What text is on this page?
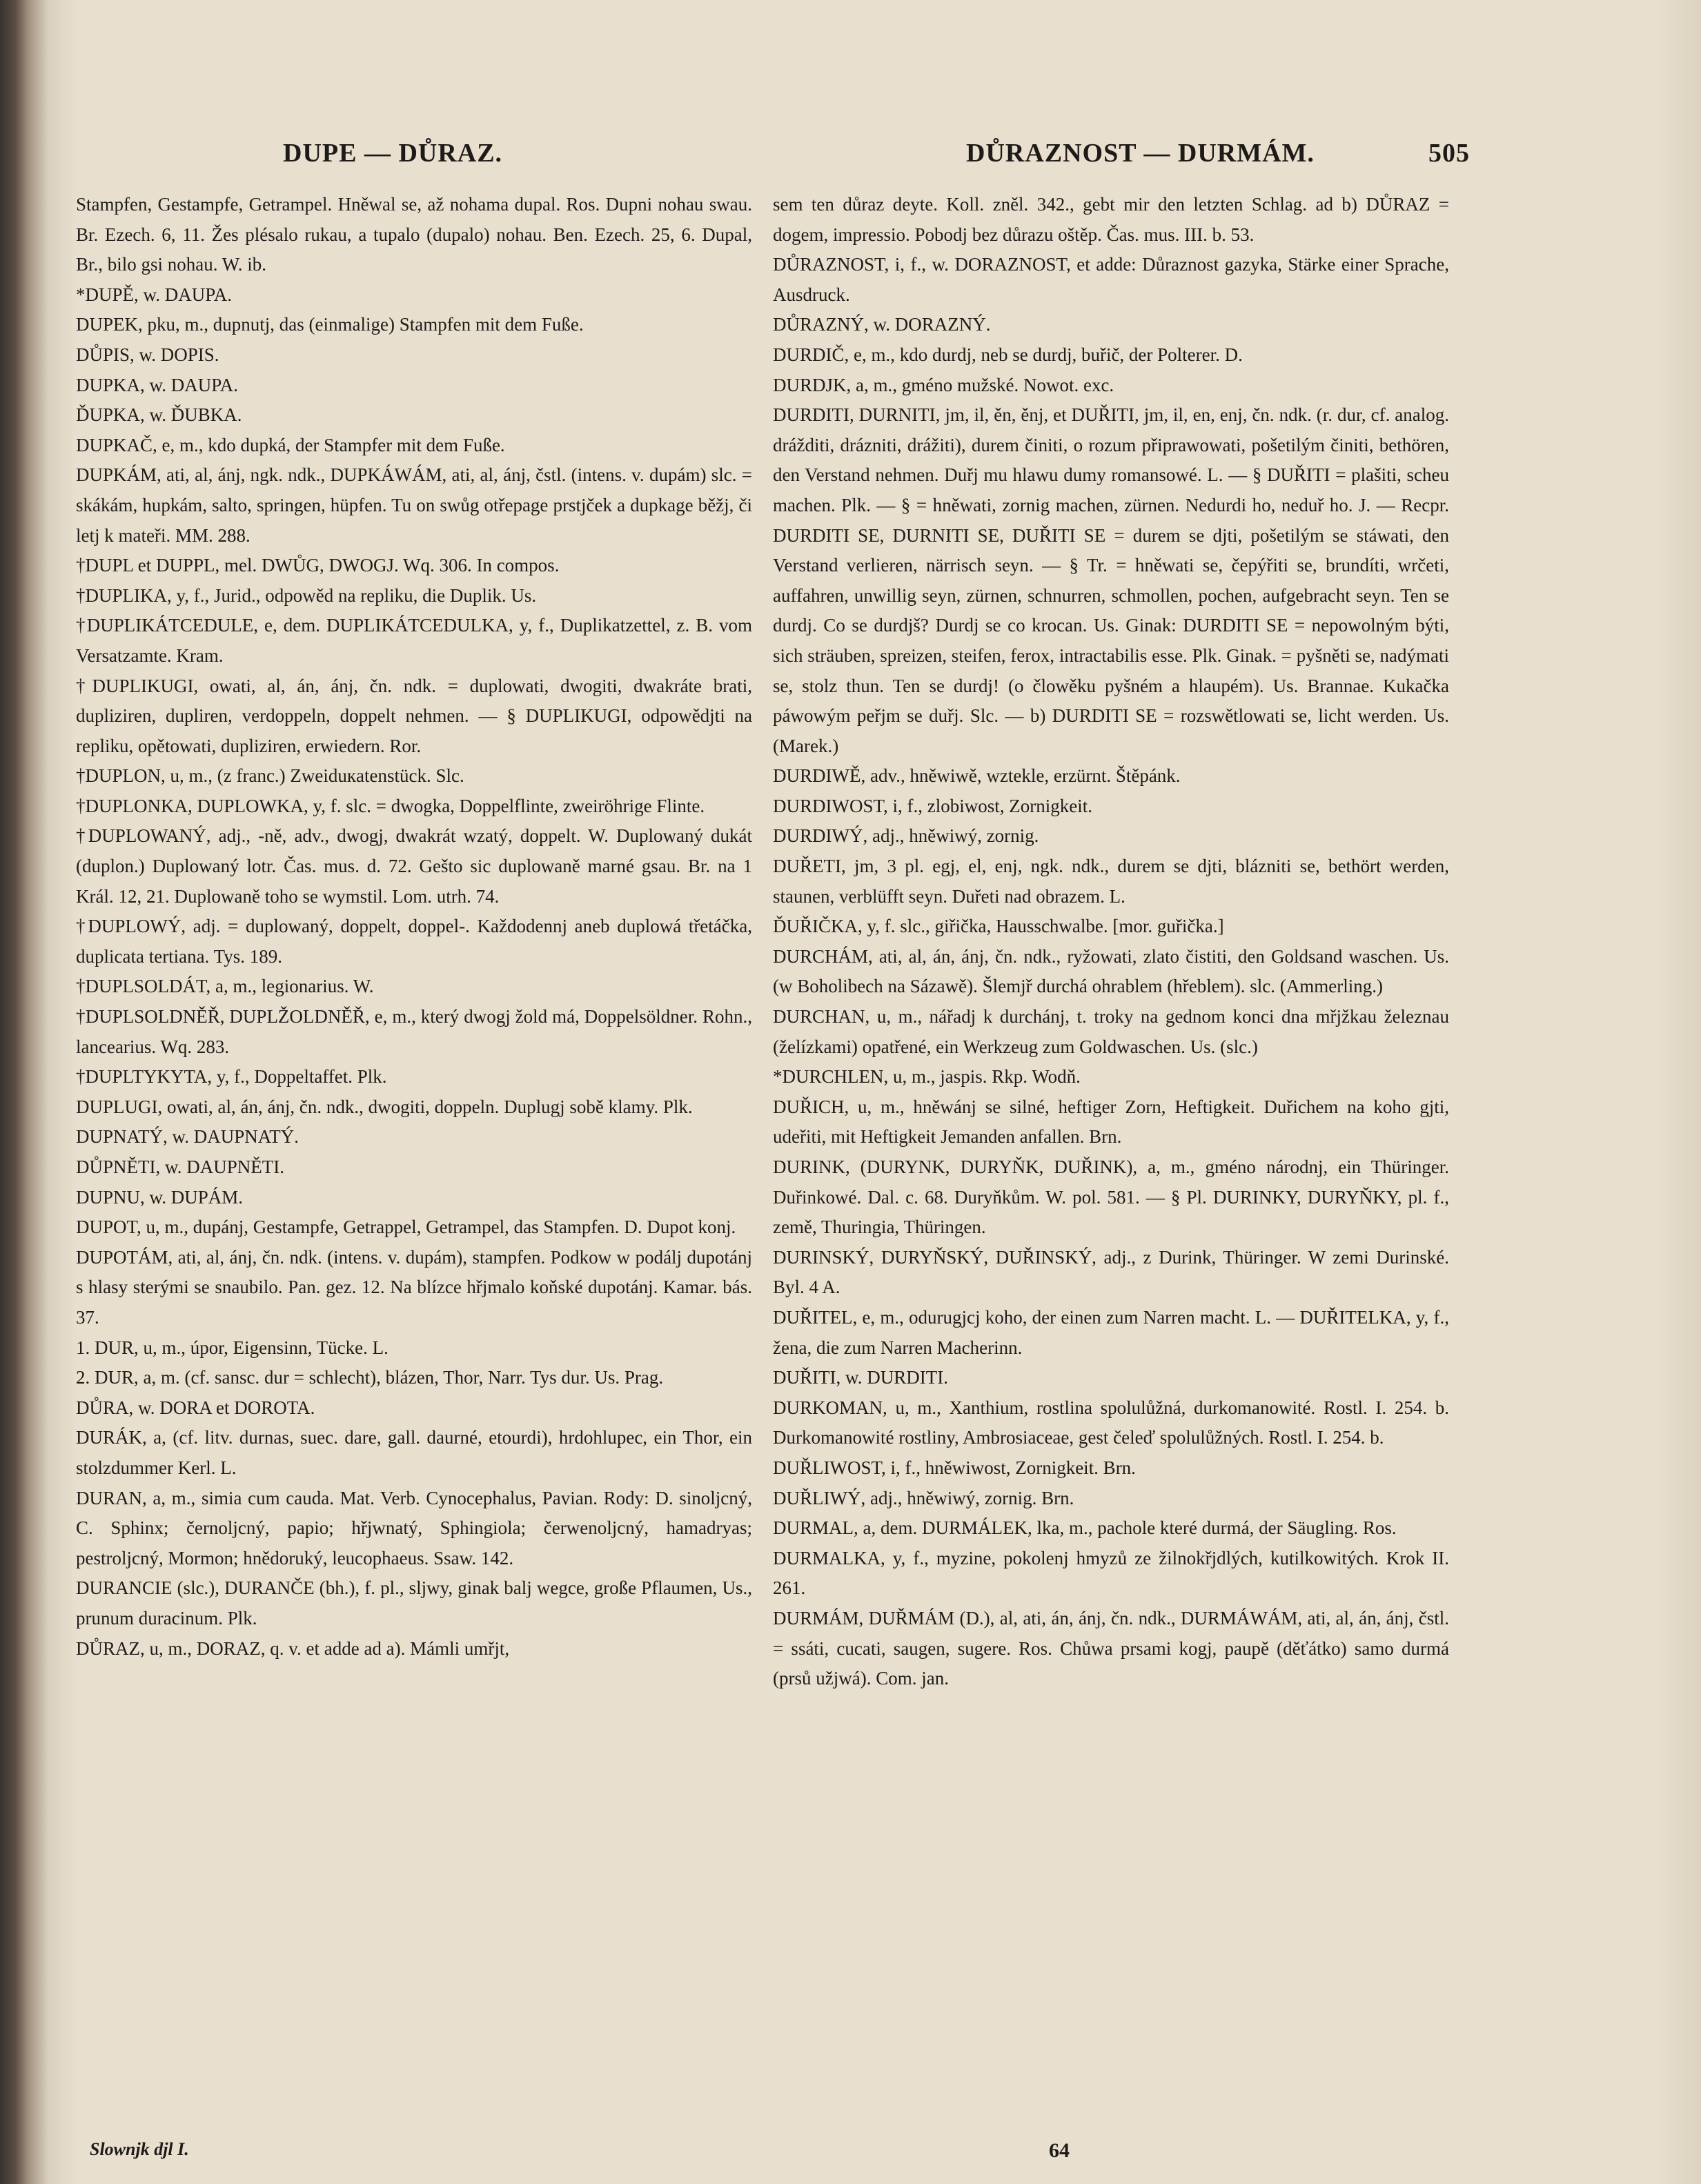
DUPE — DŮRAZ.	DŮRAZNOST — DURMÁM.	505

Stampfen, Gestampfe, Getrampel. Hněwal se, až nohama dupal. Ros. Dupni nohau swau. Br. Ezech. 6, 11. Žes plésalo rukau, a tupalo (dupalo) nohau. Ben. Ezech. 25, 6. Dupal, Br., bilo gsi nohau. W. ib.

*DUPĚ, w. DAUPA.

DUPEK, pku, m., dupnutj, das (einmalige) Stampfen mit dem Fuße.

DŮPIS, w. DOPIS.

DUPKA, w. DAUPA.

ĎUPKA, w. ĎUBKA.

DUPKAČ, e, m., kdo dupká, der Stampfer mit dem Fuße.

DUPKÁM, ati, al, ánj, ngk. ndk., DUPKÁWÁM, ati, al, ánj, čstl. (intens. v. dupám) slc. = skákám, hupkám, salto, springen, hüpfen. Tu on swůg otřepage prstjček a dupkage běžj, či letj k mateři. MM. 288.

†DUPL et DUPPL, mel. DWŮG, DWOGJ. Wq. 306. In compos.

†DUPLIKA, y, f., Jurid., odpowěd na repliku, die Duplik. Us.

†DUPLIKÁTCEDULE, e, dem. DUPLIKÁTCEDULKA, y, f., Duplikatzettel, z. B. vom Versatzamte. Kram.

†DUPLIKUGI, owati, al, án, ánj, čn. ndk. = duplowati, dwogiti, dwakráte brati, dupliziren, dupliren, verdoppeln, doppelt nehmen. — § DUPLIKUGI, odpowědjti na repliku, opětowati, dupliziren, erwiedern. Ror.

†DUPLON, u, m., (z franc.) Zweiduкatenstück. Slc.

†DUPLONKA, DUPLOWKA, y, f. slc. = dwogka, Doppelflinte, zweiröhrige Flinte.

†DUPLOWANÝ, adj., -ně, adv., dwogj, dwakrát wzatý, doppelt. W. Duplowaný dukát (duplon.) Duplowaný lotr. Čas. mus. d. 72. Gešto sic duplowaně marné gsau. Br. na 1 Král. 12, 21. Duplowaně toho se wymstil. Lom. utrh. 74.

†DUPLOWÝ, adj. = duplowaný, doppelt, doppel-. Každodennj aneb duplowá třetáčka, duplicata tertiana. Tys. 189.

†DUPLSOLDÁT, a, m., legionarius. W.

†DUPLSOLDNĚŘ, DUPLŽOLDNĚŘ, e, m., který dwogj žold má, Doppelsöldner. Rohn., lancearius. Wq. 283.

†DUPLTYKYTA, y, f., Doppeltaffet. Plk.

DUPLUGI, owati, al, án, ánj, čn. ndk., dwogiti, doppeln. Duplugj sobě klamy. Plk.

DUPNATÝ, w. DAUPNATÝ.

DŮPNĚTI, w. DAUPNĚTI.

DUPNU, w. DUPÁM.

DUPOT, u, m., dupánj, Gestampfe, Getrappel, Getrampel, das Stampfen. D. Dupot konj.

DUPOTÁM, ati, al, ánj, čn. ndk. (intens. v. dupám), stampfen. Podkow w podálj dupotánj s hlasy sterými se snaubilo. Pan. gez. 12. Na blízce hřjmalo koňské dupotánj. Kamar. bás. 37.

1. DUR, u, m., úpor, Eigensinn, Tücke. L.

2. DUR, a, m. (cf. sansc. dur = schlecht), blázen, Thor, Narr. Tys dur. Us. Prag.

DŮRA, w. DORA et DOROTA.

DURÁK, a, (cf. litv. durnas, suec. dare, gall. daurné, etourdi), hrdohlupec, ein Thor, ein stolzdummer Kerl. L.

DURAN, a, m., simia cum cauda. Mat. Verb. Cynocephalus, Pavian. Rody: D. sinoljcný, C. Sphinx; černoljcný, papio; hřjwnatý, Sphingiola; čerwenoljcný, hamadryas; pestroljcný, Mormon; hnědoruký, leucophaeus. Ssaw. 142.

DURANCIE (slc.), DURANČE (bh.), f. pl., sljwy, ginak balj wegce, große Pflaumen, Us., prunum duracinum. Plk.

DŮRAZ, u, m., DORAZ, q. v. et adde ad a). Mámli umřjt,

sem ten důraz deyte. Koll. zněl. 342., gebt mir den letzten Schlag. ad b) DŮRAZ = dogem, impressio. Pobodj bez důrazu oštěp. Čas. mus. III. b. 53.

DŮRAZNOST, i, f., w. DORAZNOST, et adde: Důraznost gazyka, Stärke einer Sprache, Ausdruck.

DŮRAZNÝ, w. DORAZNÝ.

DURDIČ, e, m., kdo durdj, neb se durdj, buřič, der Polterer. D.

DURDJK, a, m., gméno mužské. Nowot. exc.

DURDITI, DURNITI, jm, il, ěn, ěnj, et DUŘITI, jm, il, en, enj, čn. ndk. (r. dur, cf. analog. drážditi, drázniti, drážiti), durem činiti, o rozum připrawowati, pošetilým činiti, bethören, den Verstand nehmen. Duřj mu hlawu dumy romansowé. L. — § DUŘITI = plašiti, scheu machen. Plk. — § = hněwati, zornig machen, zürnen. Nedurdi ho, neduř ho. J. — Recpr. DURDITI SE, DURNITI SE, DUŘITI SE = durem se djti, pošetilým se stáwati, den Verstand verlieren, närrisch seyn. — § Tr. = hněwati se, čepýřiti se, brundíti, wrčeti, auffahren, unwillig seyn, zürnen, schnurren, schmollen, pochen, aufgebracht seyn. Ten se durdj. Co se durdjš? Durdj se co krocan. Us. Ginak: DURDITI SE = nepowolným býti, sich sträuben, spreizen, steifen, ferox, intractabilis esse. Plk. Ginak. = pyšněti se, nadýmati se, stolz thun. Ten se durdj! (o člowěku pyšném a hlaupém). Us. Brannae. Kukačka páwowým peřjm se duřj. Slc. — b) DURDITI SE = rozswětlowati se, licht werden. Us. (Marek.)

DURDIWĚ, adv., hněwiwě, wztekle, erzürnt. Štěpánk.

DURDIWOST, i, f., zlobiwost, Zornigkeit.

DURDIWÝ, adj., hněwiwý, zornig.

DUŘETI, jm, 3 pl. egj, el, enj, ngk. ndk., durem se djti, blázniti se, bethört werden, staunen, verblüfft seyn. Duřeti nad obrazem. L.

ĎUŘIČKA, y, f. slc., giřička, Hausschwalbe. [mor. guřička.]

DURCHÁM, ati, al, án, ánj, čn. ndk., ryžowati, zlato čistiti, den Goldsand waschen. Us. (w Boholibech na Sázawě). Šlemjř durchá ohrablem (hřeblem). slc. (Ammerling.)

DURCHAN, u, m., nářadj k durchánj, t. troky na gednom konci dna mřjžkau železnau (želízkami) opatřené, ein Werkzeug zum Goldwaschen. Us. (slc.)

*DURCHLEN, u, m., jaspis. Rkp. Wodň.

DUŘICH, u, m., hněwánj se silné, heftiger Zorn, Heftigkeit. Duřichem na koho gjti, udeřiti, mit Heftigkeit Jemanden anfallen. Brn.

DURINK, (DURYNK, DURYŇK, DUŘINK), a, m., gméno národnj, ein Thüringer. Duřinkowé. Dal. c. 68. Duryňkům. W. pol. 581. — § Pl. DURINKY, DURYŇKY, pl. f., země, Thuringia, Thüringen.

DURINSKÝ, DURYŇSKÝ, DUŘINSKÝ, adj., z Durink, Thüringer. W zemi Durinské. Byl. 4 A.

DUŘITEL, e, m., odurugjcj koho, der einen zum Narren macht. L. — DUŘITELKA, y, f., žena, die zum Narren Macherinn.

DUŘITI, w. DURDITI.

DURKOMAN, u, m., Xanthium, rostlina spolulůžná, durkomanowité. Rostl. I. 254. b. Durkomanowité rostliny, Ambrosiaceae, gest čeleď spolulůžných. Rostl. I. 254. b.

DUŘLIWOST, i, f., hněwiwost, Zornigkeit. Brn.

DUŘLIWÝ, adj., hněwiwý, zornig. Brn.

DURMAL, a, dem. DURMÁLEK, lka, m., pachole které durmá, der Säugling. Ros.

DURMALKA, y, f., myzine, pokolenj hmyzů ze žilnokřjdlých, kutilkowitých. Krok II. 261.

DURMÁM, DUŘMÁM (D.), al, ati, án, ánj, čn. ndk., DURMÁWÁM, ati, al, án, ánj, čstl. = ssáti, cucati, saugen, sugere. Ros. Chůwa prsami kogj, paupě (děťátko) samo durmá (prsů užjwá). Com. jan.

Slownjk djl I.	64
